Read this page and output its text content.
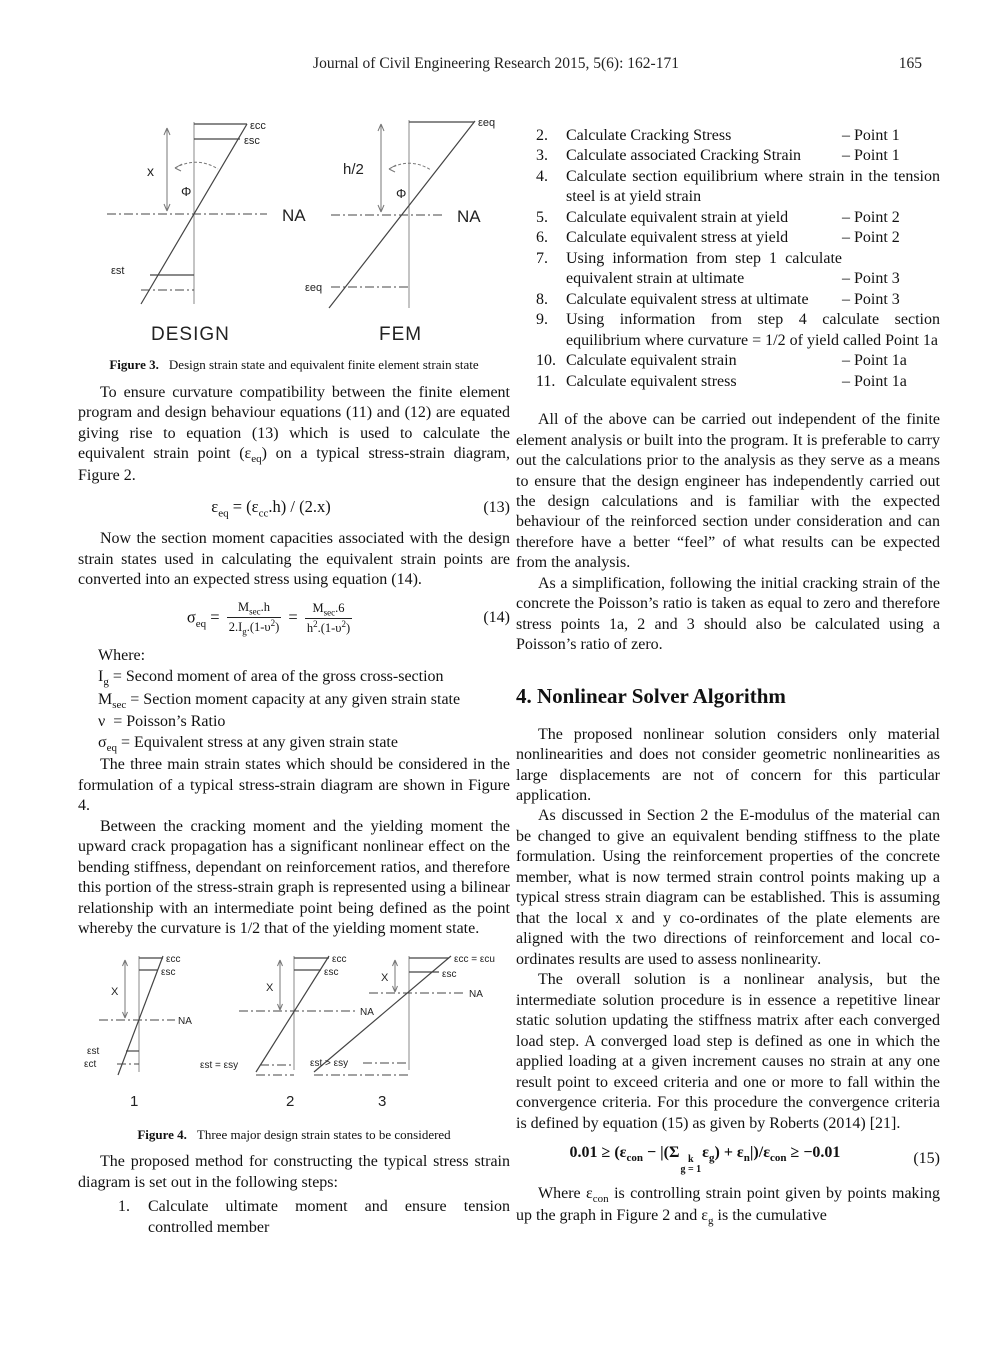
Journal of Civil Engineering Research 2015, 5(6): 162-171	165
εcc
εsc
x
Φ
NA
εst
DESIGN
εeq
h/2
Φ
NA
εeq
FEM
Figure 3. Design strain state and equivalent finite element strain state

To ensure curvature compatibility between the finite element program and design behaviour equations (11) and (12) are equated giving rise to equation (13) which is used to calculate the equivalent strain point $(\varepsilon_{eq})$ on a typical stress-strain diagram, Figure 2.

$\varepsilon_{eq} = (\varepsilon_{cc}.h) / (2.x)$	(13)

Now the section moment capacities associated with the design strain states used in calculating the equivalent strain points are converted into an expected stress using equation (14).

$\sigma_{eq} = \frac{M_{sec}.h}{2.I_g.(1-\upsilon^2)} = \frac{M_{sec}.6}{h^2.(1-\upsilon^2)}$	(14)
Where:
$I_g$ = Second moment of area of the gross cross-section
$M_{sec}$ = Section moment capacity at any given strain state
ν  = Poisson’s Ratio
$\sigma_{eq}$ = Equivalent stress at any given strain state

The three main strain states which should be considered in the formulation of a typical stress-strain diagram are shown in Figure 4.

Between the cracking moment and the yielding moment the upward crack propagation has a significant nonlinear effect on the bending stiffness, dependant on reinforcement ratios, and therefore this portion of the stress-strain graph is represented using a bilinear relationship with an intermediate point being defined as the point whereby the curvature is 1/2 that of the yielding moment state.

εcc
εsc
X
NA
εst
εct
1
εcc
εsc
X
NA
εst = εsy
2
εcc = εcu
εsc
X
NA
εst > εsy
3
Figure 4. Three major design strain states to be considered

The proposed method for constructing the typical stress strain diagram is set out in the following steps:

1.	Calculate ultimate moment and ensure tension controlled member
2.	Calculate Cracking Stress	– Point 1
3.	Calculate associated Cracking Strain	– Point 1
4.	Calculate section equilibrium where strain in the tension steel is at yield strain
5.	Calculate equivalent strain at yield	– Point 2
6.	Calculate equivalent stress at yield	– Point 2
7.	Using information from step 1 calculate equivalent strain at ultimate	– Point 3
8.	Calculate equivalent stress at ultimate	– Point 3
9.	Using information from step 4 calculate section equilibrium where curvature = 1/2 of yield called Point 1a
10. Calculate equivalent strain	– Point 1a
11. Calculate equivalent stress	– Point 1a

All of the above can be carried out independent of the finite element analysis or built into the program. It is preferable to carry out the calculations prior to the analysis as they serve as a means to ensure that the design engineer has independently carried out the design calculations and is familiar with the expected behaviour of the reinforced section under consideration and can therefore have a better “feel” of what results can be expected from the analysis.

As a simplification, following the initial cracking strain of the concrete the Poisson’s ratio is taken as equal to zero and therefore stress points 1a, 2 and 3 should also be calculated using a Poisson’s ratio of zero.

4. Nonlinear Solver Algorithm

The proposed nonlinear solution considers only material nonlinearities and does not consider geometric nonlinearities as large displacements are not of concern for this particular application.

As discussed in Section 2 the E-modulus of the material can be changed to give an equivalent bending stiffness to the plate formulation. Using the reinforcement properties of the concrete member, what is now termed strain control points making up a typical stress strain diagram can be established. This is assuming that the local x and y co-ordinates of the plate elements are aligned with the two directions of reinforcement and local co-ordinates results are used to assess nonlinearity.

The overall solution is a nonlinear analysis, but the intermediate solution procedure is in essence a repetitive linear static solution updating the stiffness matrix after each converged load step. A converged load step is defined as one in which the applied loading at a given increment causes no strain at any one result point to exceed criteria and one or more to fall within the convergence criteria. For this procedure the convergence criteria is defined by equation (15) as given by Roberts (2014) [21].

$0.01 \ge (\varepsilon_{con} - |(\Sigma$ k
g = 1
$\varepsilon_g) + \varepsilon_n|)/\varepsilon_{con} \ge -0.01$	(15)

Where $\varepsilon_{con}$ is controlling strain point given by points making up the graph in Figure 2 and $\varepsilon_g$ is the cumulative
